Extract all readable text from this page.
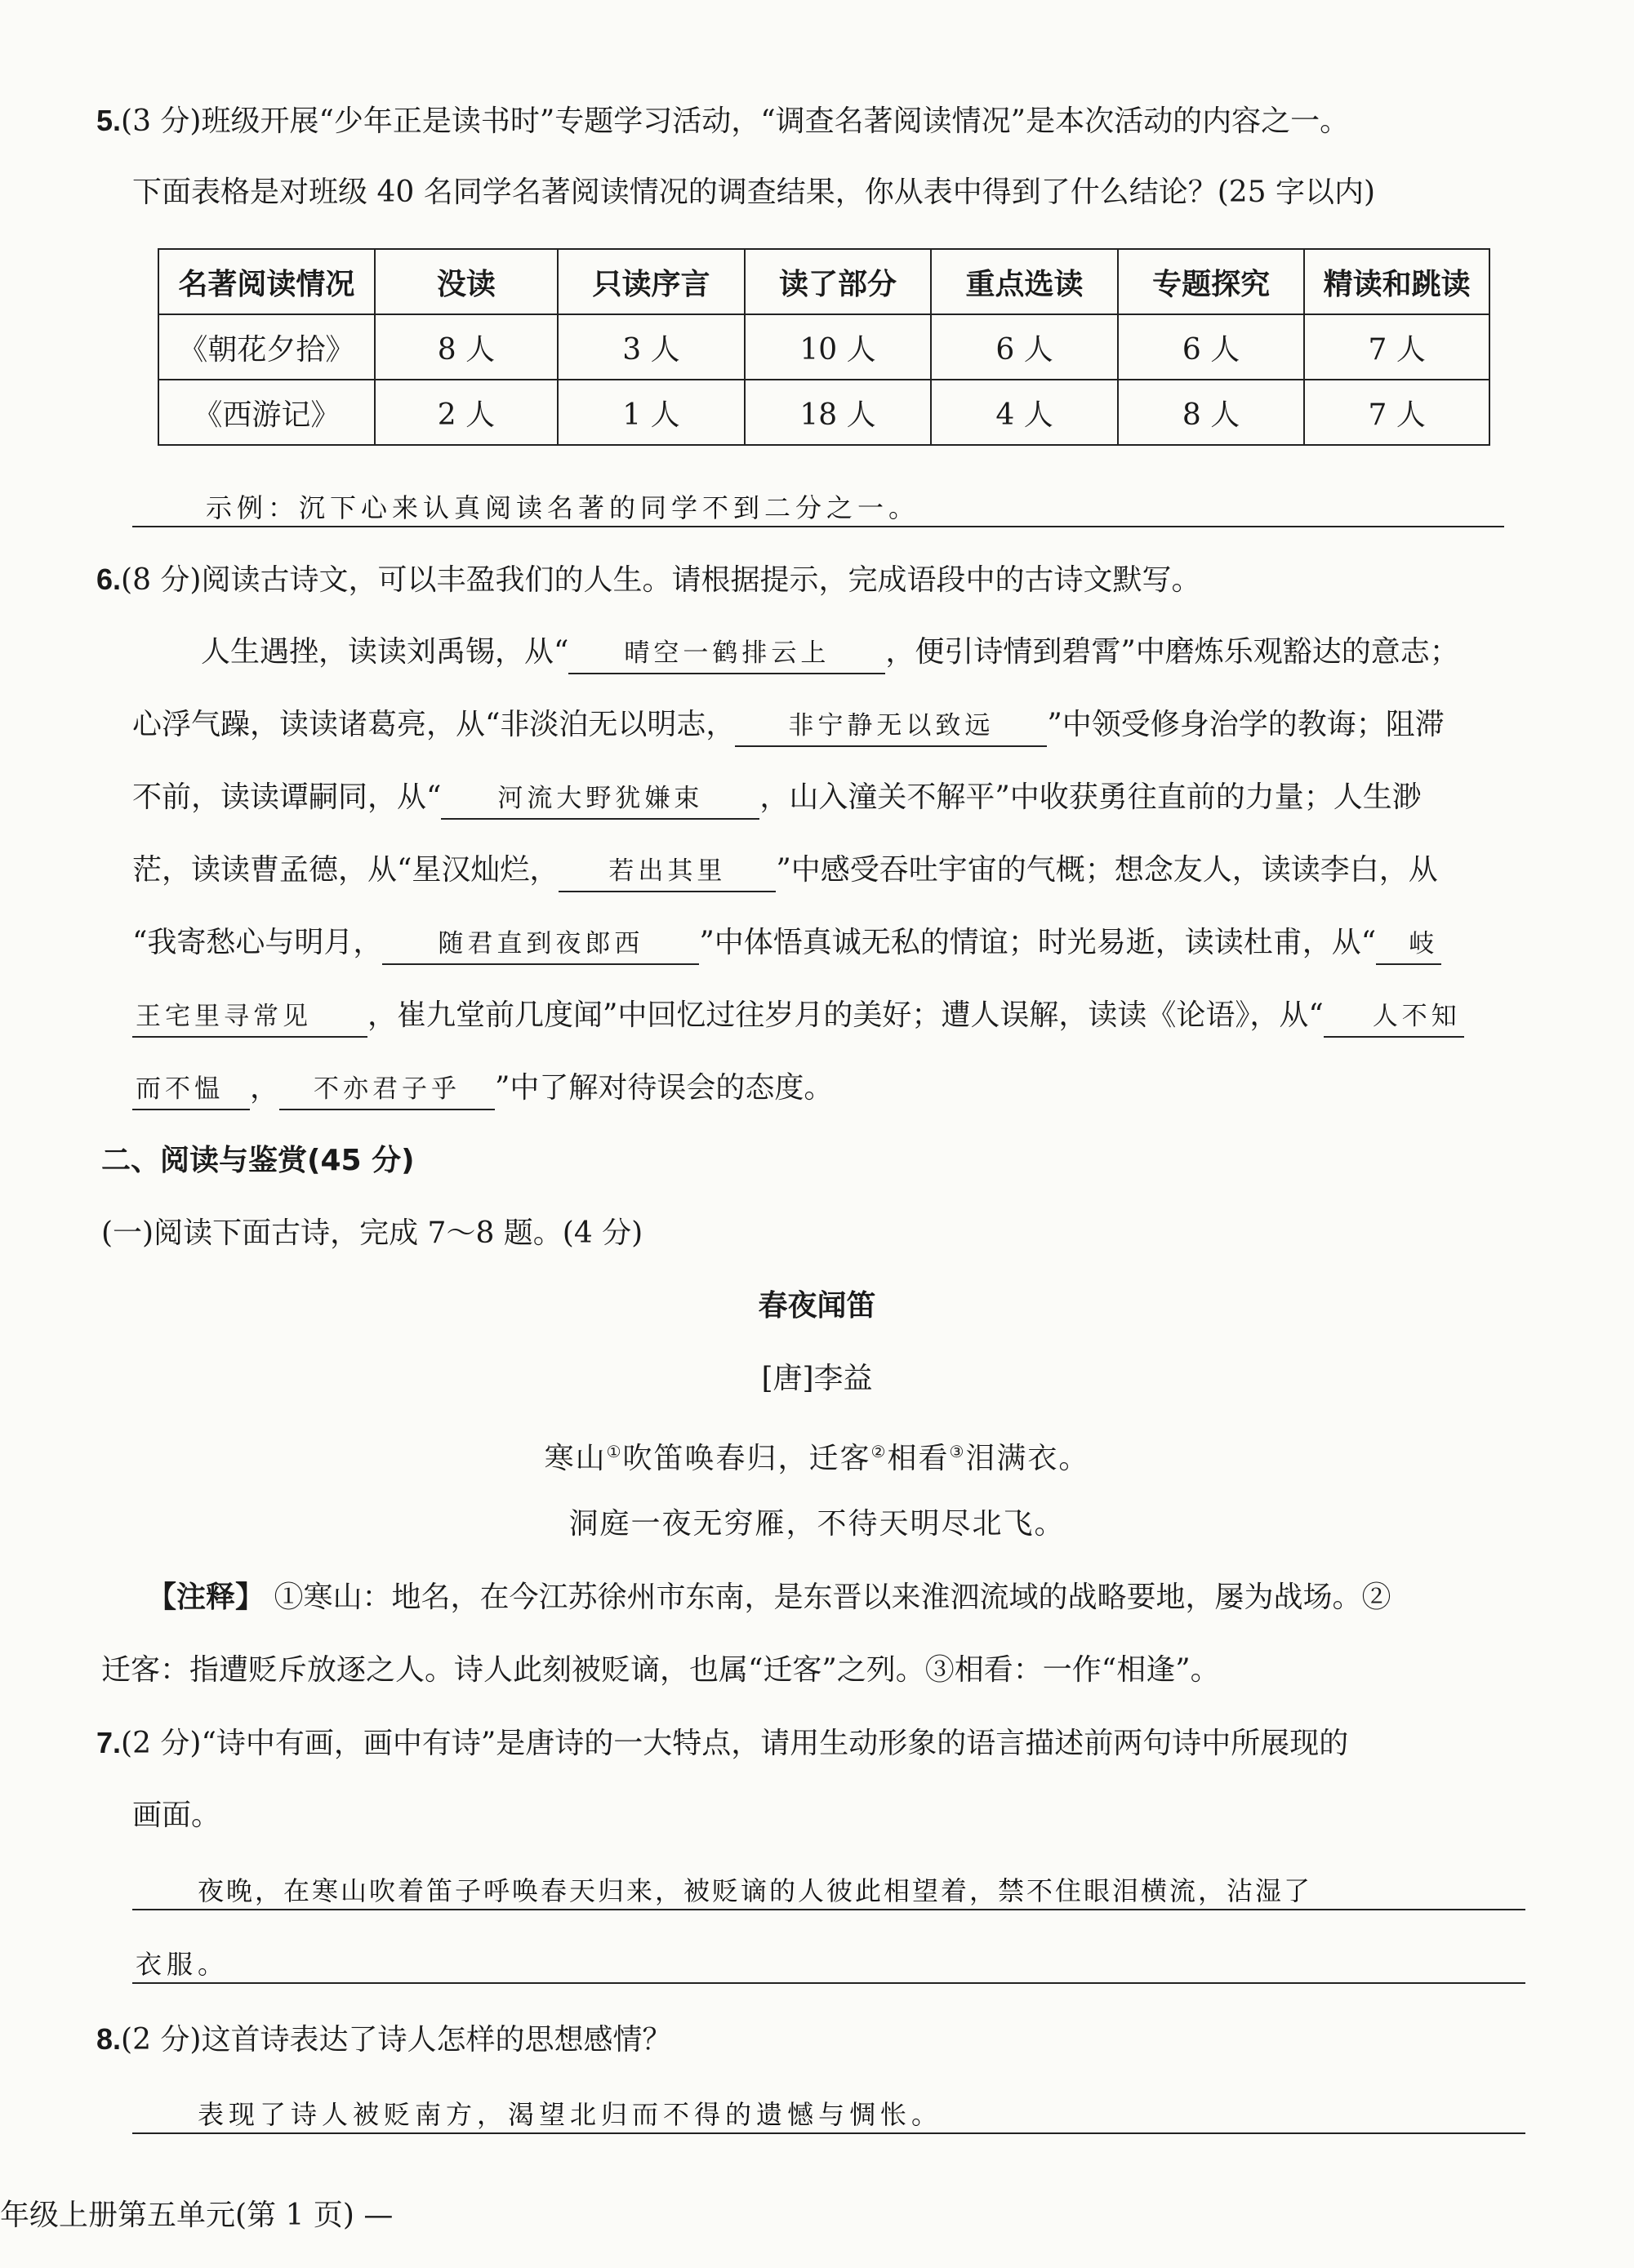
5.(3 分)班级开展“少年正是读书时”专题学习活动，“调查名著阅读情况”是本次活动的内容之一。
下面表格是对班级 40 名同学名著阅读情况的调查结果，你从表中得到了什么结论？(25 字以内)
名著阅读情况	没读	只读序言	读了部分	重点选读	专题探究	精读和跳读
《朝花夕拾》	8 人	3 人	10 人	6 人	6 人	7 人
《西游记》	2 人	1 人	18 人	4 人	8 人	7 人
示例：沉下心来认真阅读名著的同学不到二分之一。
6.(8 分)阅读古诗文，可以丰盈我们的人生。请根据提示，完成语段中的古诗文默写。
人生遇挫，读读刘禹锡，从“ 晴空一鹤排云上 ，便引诗情到碧霄”中磨炼乐观豁达的意志；
心浮气躁，读读诸葛亮，从“非淡泊无以明志， 非宁静无以致远 ”中领受修身治学的教诲；阻滞
不前，读读谭嗣同，从“ 河流大野犹嫌束 ，山入潼关不解平”中收获勇往直前的力量；人生渺
茫，读读曹孟德，从“星汉灿烂， 若出其里 ”中感受吞吐宇宙的气概；想念友人，读读李白，从
“我寄愁心与明月， 随君直到夜郎西 ”中体悟真诚无私的情谊；时光易逝，读读杜甫，从“ 岐
王宅里寻常见 ，崔九堂前几度闻”中回忆过往岁月的美好；遭人误解，读读《论语》，从“ 人不知
而不愠 ， 不亦君子乎 ”中了解对待误会的态度。
二、阅读与鉴赏(45 分)
(一)阅读下面古诗，完成 7～8 题。(4 分)
春夜闻笛
[唐]李益
寒山①吹笛唤春归，迁客②相看③泪满衣。
洞庭一夜无穷雁，不待天明尽北飞。
【注释】 ①寒山：地名，在今江苏徐州市东南，是东晋以来淮泗流域的战略要地，屡为战场。②
迁客：指遭贬斥放逐之人。诗人此刻被贬谪，也属“迁客”之列。③相看：一作“相逢”。
7.(2 分)“诗中有画，画中有诗”是唐诗的一大特点，请用生动形象的语言描述前两句诗中所展现的
画面。
夜晚，在寒山吹着笛子呼唤春天归来，被贬谪的人彼此相望着，禁不住眼泪横流，沾湿了
衣服。
8.(2 分)这首诗表达了诗人怎样的思想感情？
表现了诗人被贬南方，渴望北归而不得的遗憾与惆怅。
年级上册第五单元(第 1 页) —
